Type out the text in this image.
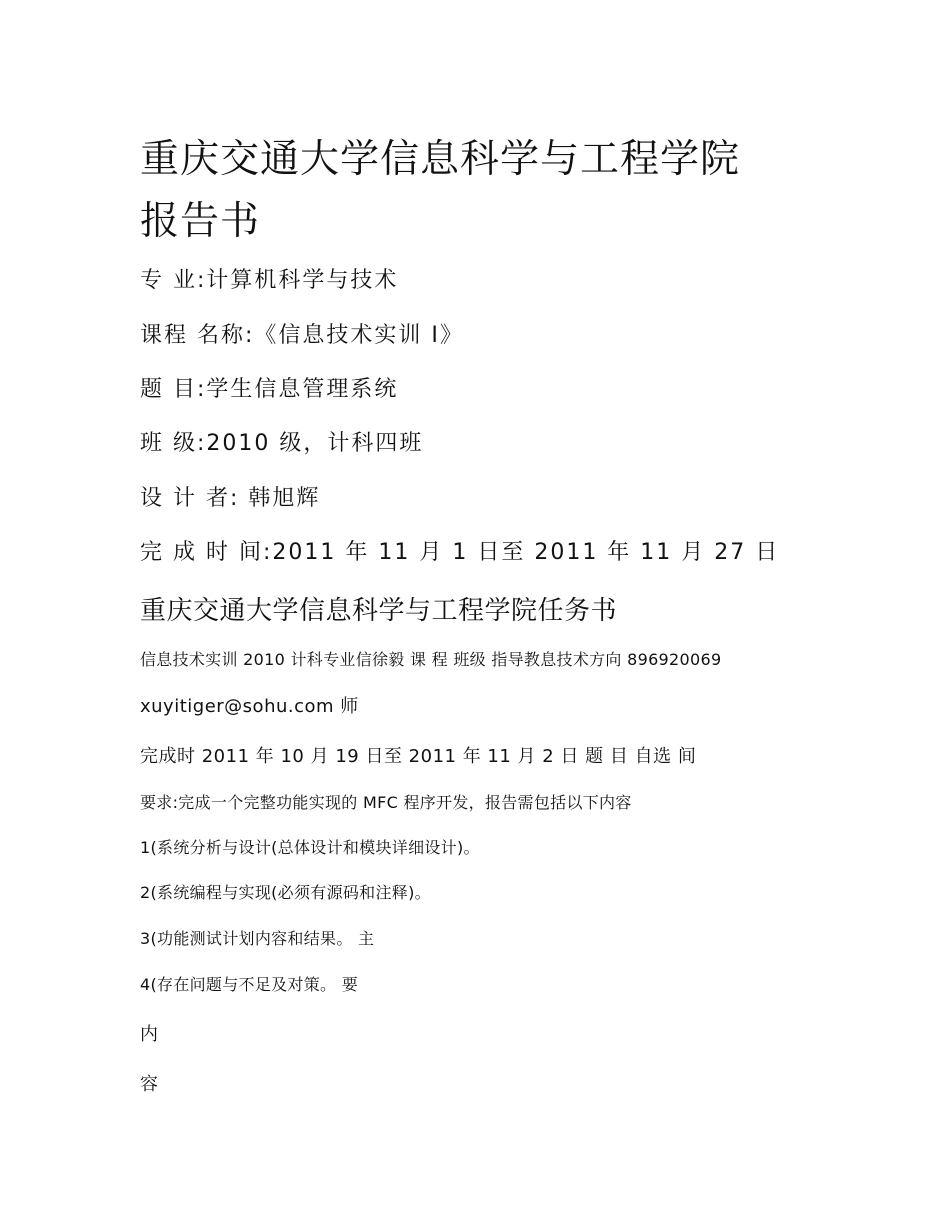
重庆交通大学信息科学与工程学院
报告书
专 业:计算机科学与技术
课程 名称:《信息技术实训 I》
题 目:学生信息管理系统
班 级:2010 级，计科四班
设 计 者: 韩旭辉
完 成 时 间:2011 年 11 月 1 日至 2011 年 11 月 27 日
重庆交通大学信息科学与工程学院任务书
信息技术实训 2010 计科专业信徐毅 课 程 班级 指导教息技术方向 896920069
xuyitiger@sohu.com 师
完成时 2011 年 10 月 19 日至 2011 年 11 月 2 日 题 目 自选 间
要求:完成一个完整功能实现的 MFC 程序开发，报告需包括以下内容
1(系统分析与设计(总体设计和模块详细设计)。
2(系统编程与实现(必须有源码和注释)。
3(功能测试计划内容和结果。 主
4(存在问题与不足及对策。 要
内
容
